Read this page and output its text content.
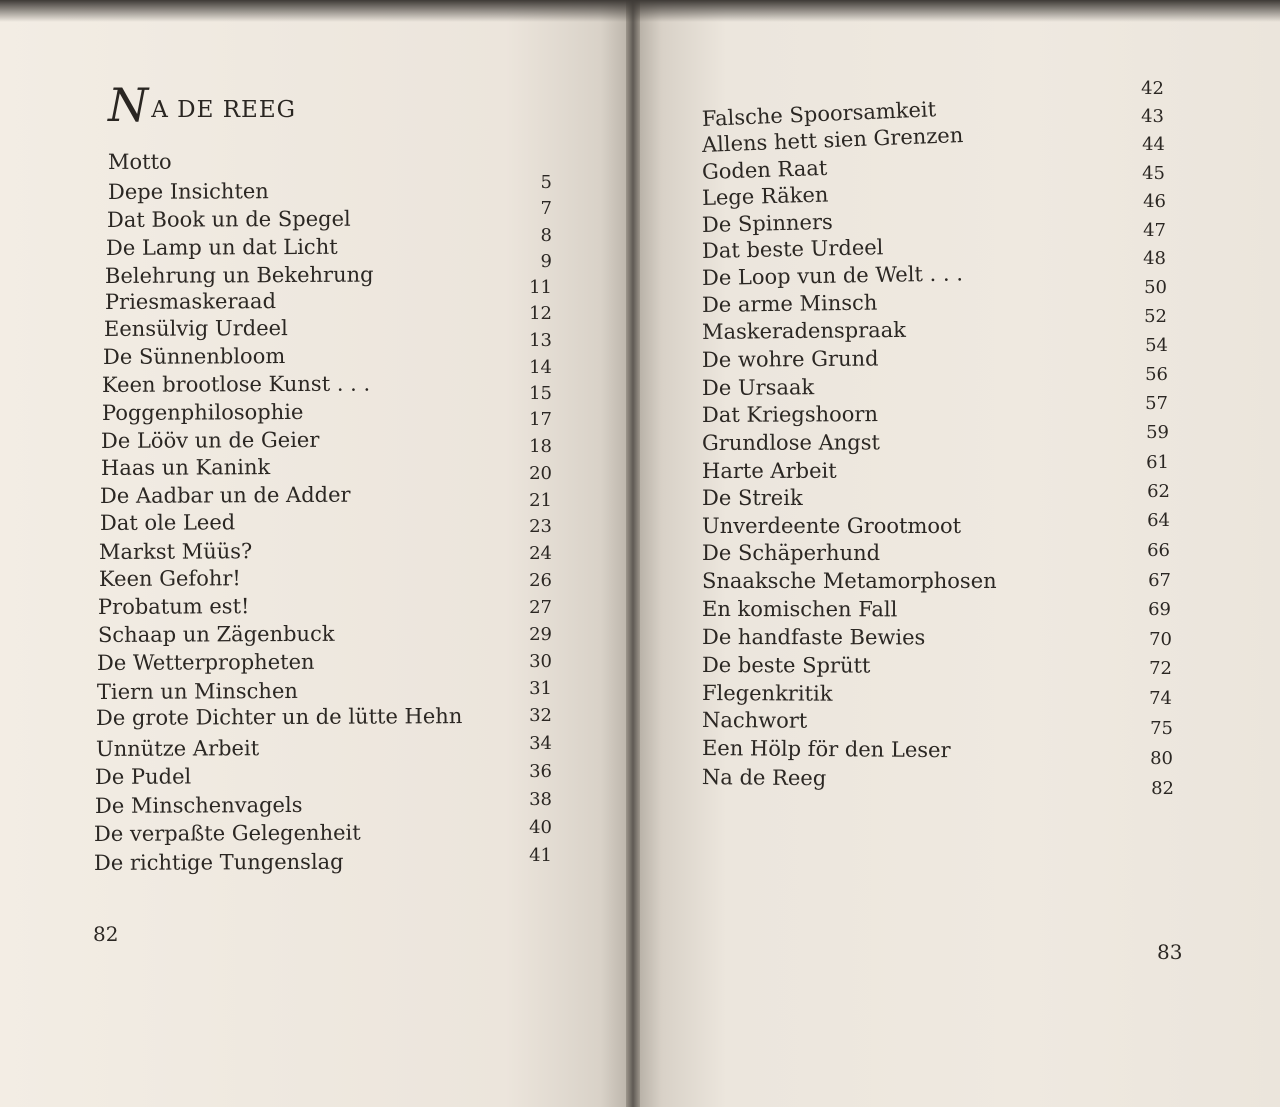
NA DE REEG
Motto
Depe Insichten
Dat Book un de Spegel
De Lamp un dat Licht
Belehrung un Bekehrung
Priesmaskeraad
Eensülvig Urdeel
De Sünnenbloom
Keen brootlose Kunst . . .
Poggenphilosophie
De Lööv un de Geier
Haas un Kanink
De Aadbar un de Adder
Dat ole Leed
Markst Müüs?
Keen Gefohr!
Probatum est!
Schaap un Zägenbuck
De Wetterpropheten
Tiern un Minschen
De grote Dichter un de lütte Hehn
Unnütze Arbeit
De Pudel
De Minschenvagels
De verpaßte Gelegenheit
De richtige Tungenslag
5
7
8
9
11
12
13
14
15
17
18
20
21
23
24
26
27
29
30
31
32
34
36
38
40
41
82
Falsche Spoorsamkeit
Allens hett sien Grenzen
Goden Raat
Lege Räken
De Spinners
Dat beste Urdeel
De Loop vun de Welt . . .
De arme Minsch
Maskeradenspraak
De wohre Grund
De Ursaak
Dat Kriegshoorn
Grundlose Angst
Harte Arbeit
De Streik
Unverdeente Grootmoot
De Schäperhund
Snaaksche Metamorphosen
En komischen Fall
De handfaste Bewies
De beste Sprütt
Flegenkritik
Nachwort
Een Hölp för den Leser
Na de Reeg
42
43
44
45
46
47
48
50
52
54
56
57
59
61
62
64
66
67
69
70
72
74
75
80
82
83
